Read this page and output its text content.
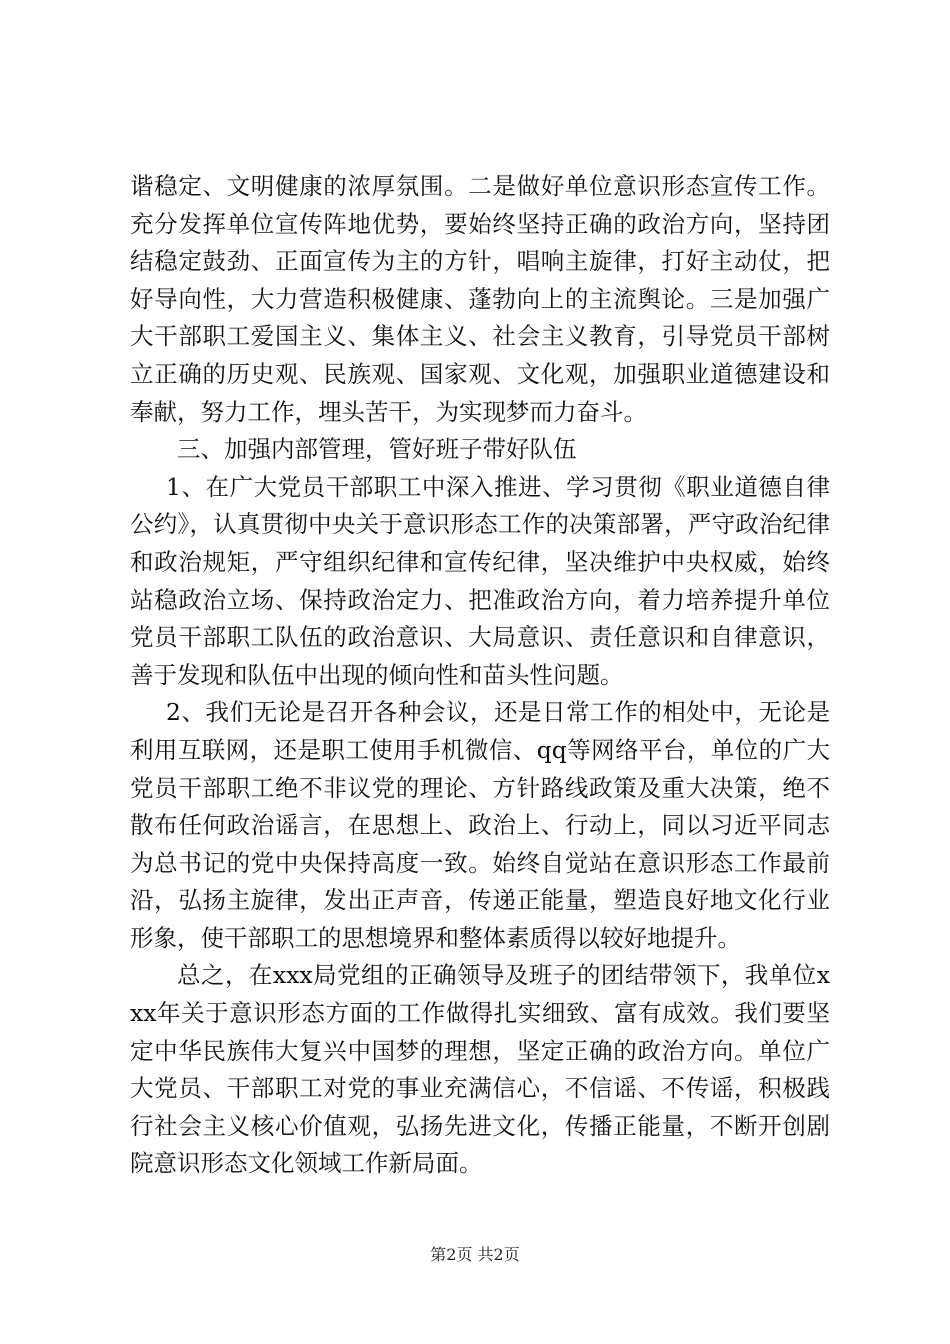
谐稳定、文明健康的浓厚氛围。二是做好单位意识形态宣传工作。充分发挥单位宣传阵地优势，要始终坚持正确的政治方向，坚持团结稳定鼓劲、正面宣传为主的方针，唱响主旋律，打好主动仗，把好导向性，大力营造积极健康、蓬勃向上的主流舆论。三是加强广大干部职工爱国主义、集体主义、社会主义教育，引导党员干部树立正确的历史观、民族观、国家观、文化观，加强职业道德建设和奉献，努力工作，埋头苦干，为实现梦而力奋斗。

三、加强内部管理，管好班子带好队伍

1、在广大党员干部职工中深入推进、学习贯彻《职业道德自律公约》，认真贯彻中央关于意识形态工作的决策部署，严守政治纪律和政治规矩，严守组织纪律和宣传纪律，坚决维护中央权威，始终站稳政治立场、保持政治定力、把准政治方向，着力培养提升单位党员干部职工队伍的政治意识、大局意识、责任意识和自律意识，善于发现和队伍中出现的倾向性和苗头性问题。

2、我们无论是召开各种会议，还是日常工作的相处中，无论是利用互联网，还是职工使用手机微信、qq等网络平台，单位的广大党员干部职工绝不非议党的理论、方针路线政策及重大决策，绝不散布任何政治谣言，在思想上、政治上、行动上，同以习近平同志为总书记的党中央保持高度一致。始终自觉站在意识形态工作最前沿，弘扬主旋律，发出正声音，传递正能量，塑造良好地文化行业形象，使干部职工的思想境界和整体素质得以较好地提升。

总之，在xxx局党组的正确领导及班子的团结带领下，我单位xxx年关于意识形态方面的工作做得扎实细致、富有成效。我们要坚定中华民族伟大复兴中国梦的理想，坚定正确的政治方向。单位广大党员、干部职工对党的事业充满信心，不信谣、不传谣，积极践行社会主义核心价值观，弘扬先进文化，传播正能量，不断开创剧院意识形态文化领域工作新局面。

第2页 共2页
